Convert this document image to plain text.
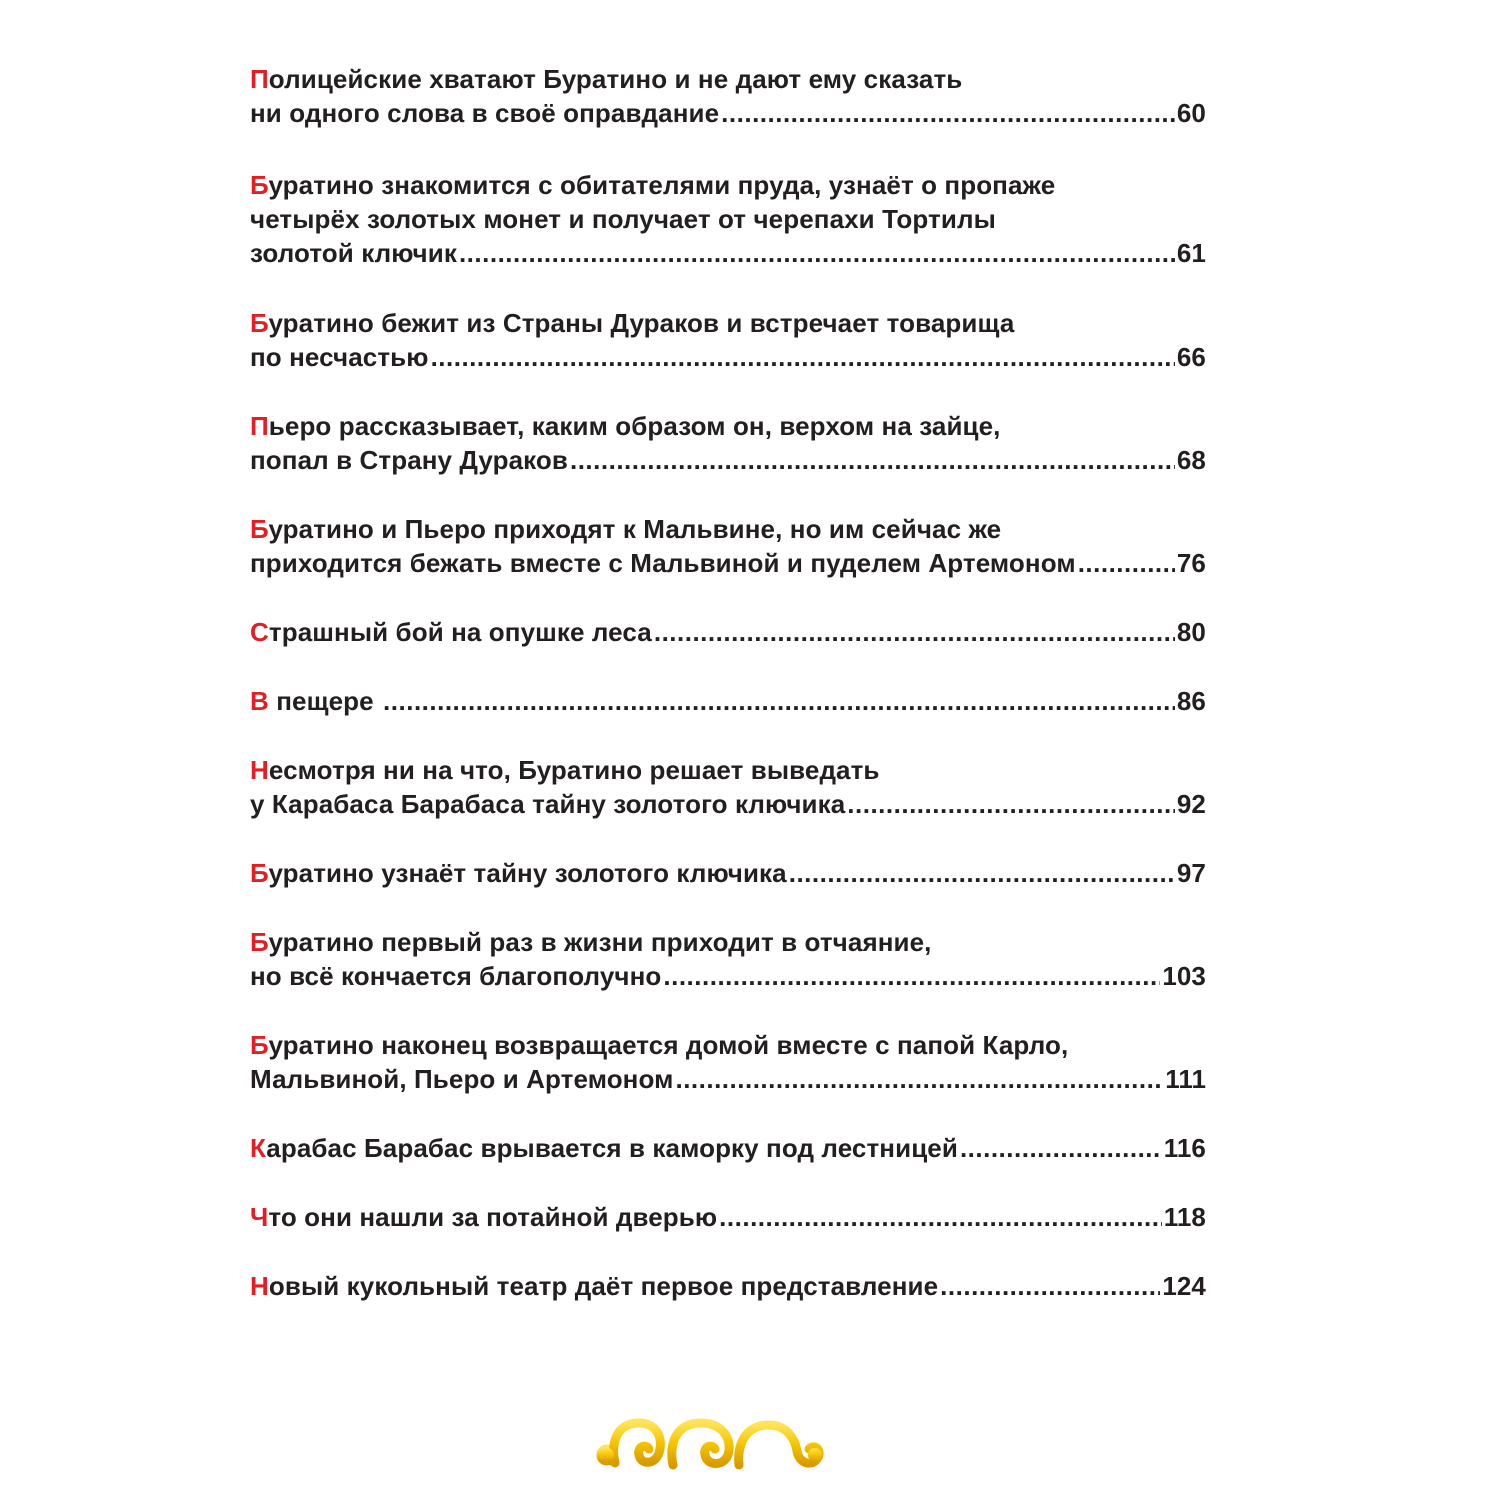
Полицейские хватают Буратино и не дают ему сказать
ни одного слова в своё оправдание .....	60
Буратино знакомится с обитателями пруда, узнаёт о пропаже
четырёх золотых монет и получает от черепахи Тортилы
золотой ключик .....	61
Буратино бежит из Страны Дураков и встречает товарища
по несчастью .....	66
Пьеро рассказывает, каким образом он, верхом на зайце,
попал в Страну Дураков .....	68
Буратино и Пьеро приходят к Мальвине, но им сейчас же
приходится бежать вместе с Мальвиной и пуделем Артемоном .....	76
Страшный бой на опушке леса .....	80
В пещере .....	86
Несмотря ни на что, Буратино решает выведать
у Карабаса Барабаса тайну золотого ключика .....	92
Буратино узнаёт тайну золотого ключика .....	97
Буратино первый раз в жизни приходит в отчаяние,
но всё кончается благополучно .....	103
Буратино наконец возвращается домой вместе с папой Карло,
Мальвиной, Пьеро и Артемоном .....	111
Карабас Барабас врывается в каморку под лестницей .....	116
Что они нашли за потайной дверью .....	118
Новый кукольный театр даёт первое представление .....	124
